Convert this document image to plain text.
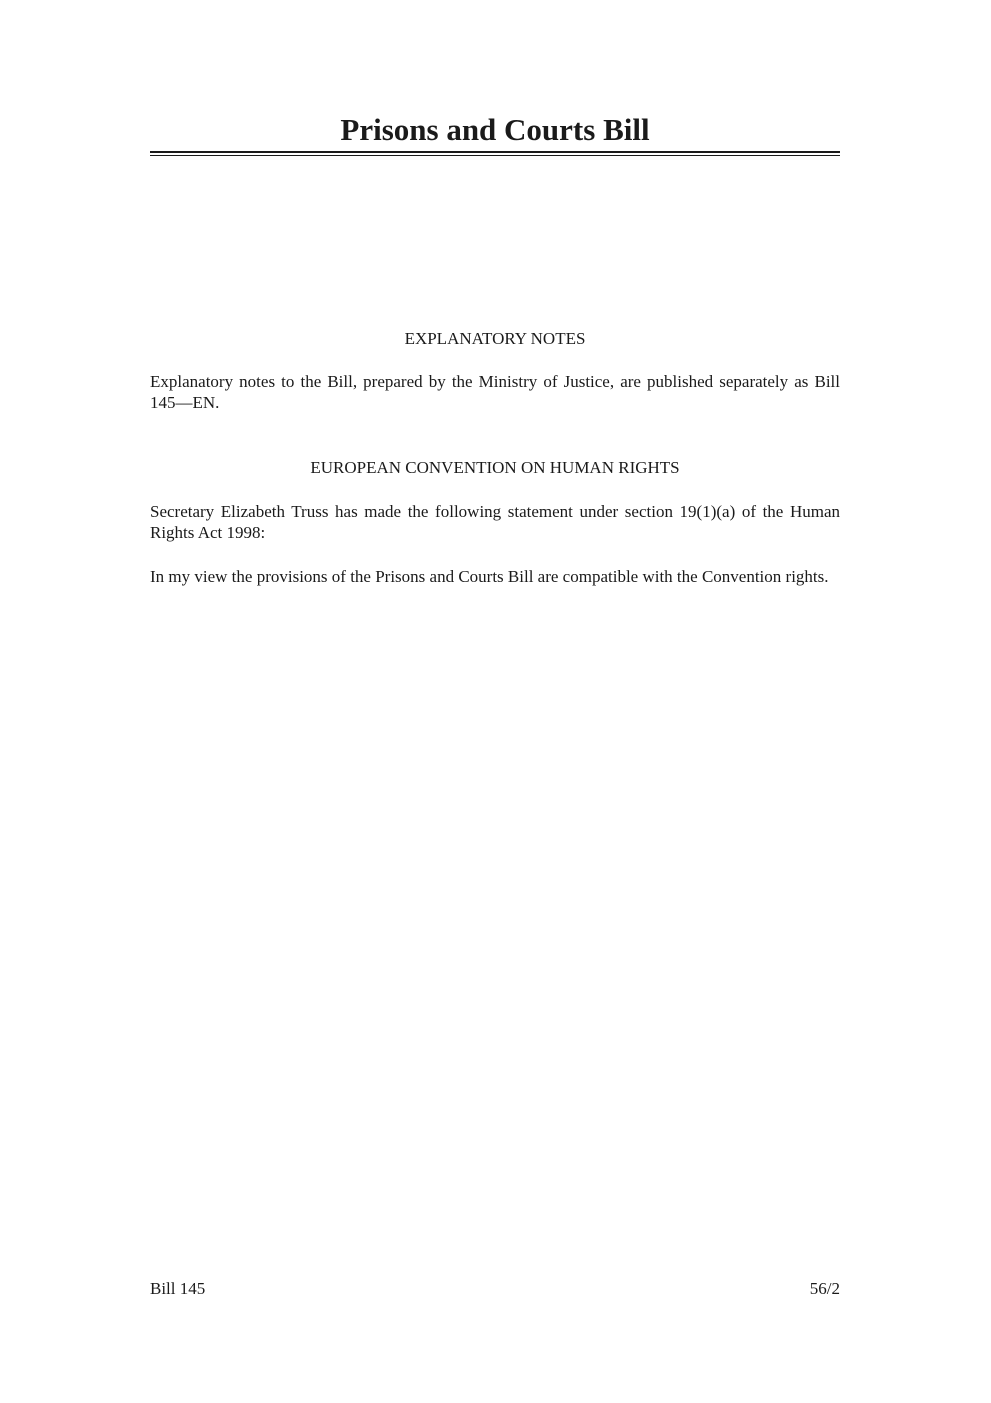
Prisons and Courts Bill
EXPLANATORY NOTES

Explanatory notes to the Bill, prepared by the Ministry of Justice, are published separately as Bill 145—EN.

EUROPEAN CONVENTION ON HUMAN RIGHTS

Secretary Elizabeth Truss has made the following statement under section 19(1)(a) of the Human Rights Act 1998:

In my view the provisions of the Prisons and Courts Bill are compatible with the Convention rights.

Bill 145	56/2
